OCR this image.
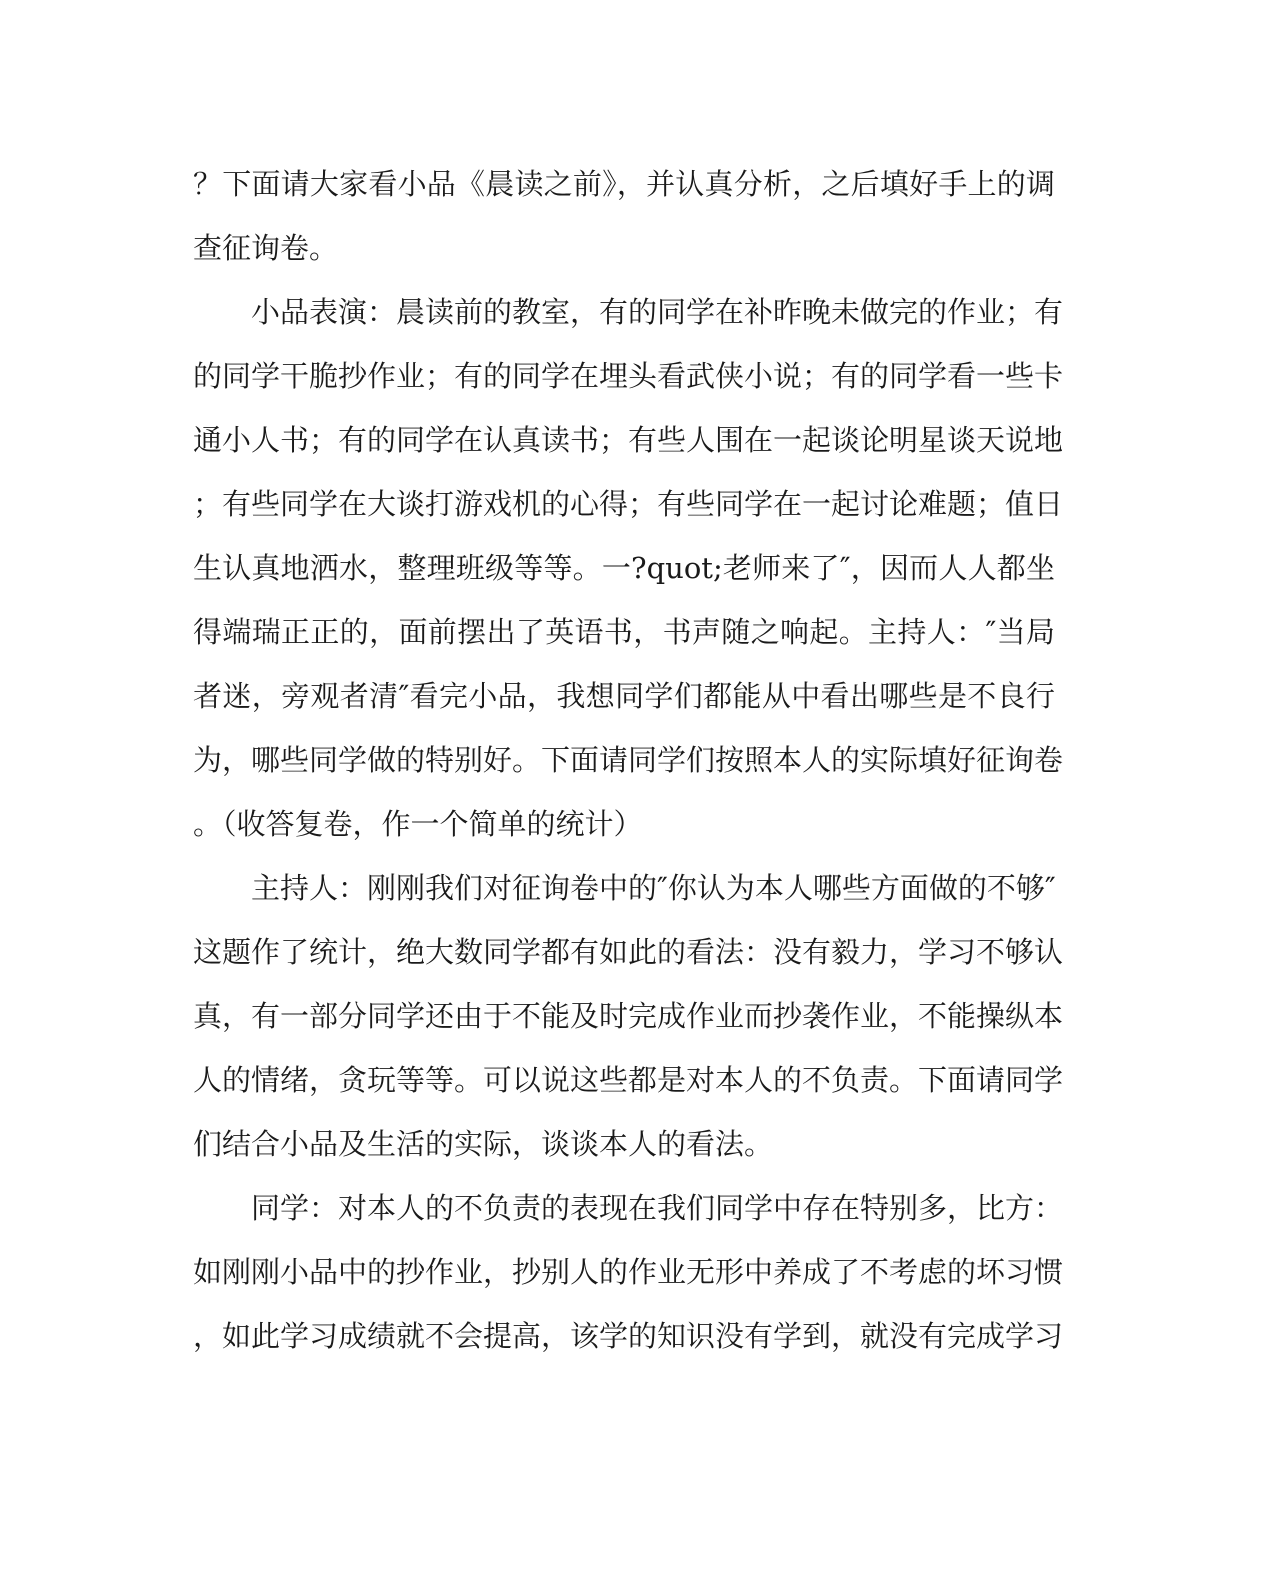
？下面请大家看小品《晨读之前》，并认真分析，之后填好手上的调
查征询卷。
小品表演：晨读前的教室，有的同学在补昨晚未做完的作业；有
的同学干脆抄作业；有的同学在埋头看武侠小说；有的同学看一些卡
通小人书；有的同学在认真读书；有些人围在一起谈论明星谈天说地
；有些同学在大谈打游戏机的心得；有些同学在一起讨论难题；值日
生认真地洒水，整理班级等等。一?quot;老师来了″，因而人人都坐
得端瑞正正的，面前摆出了英语书，书声随之响起。主持人：″当局
者迷，旁观者清″看完小品，我想同学们都能从中看出哪些是不良行
为，哪些同学做的特别好。下面请同学们按照本人的实际填好征询卷
。（收答复卷，作一个简单的统计）
主持人：刚刚我们对征询卷中的″你认为本人哪些方面做的不够″
这题作了统计，绝大数同学都有如此的看法：没有毅力，学习不够认
真，有一部分同学还由于不能及时完成作业而抄袭作业，不能操纵本
人的情绪，贪玩等等。可以说这些都是对本人的不负责。下面请同学
们结合小品及生活的实际，谈谈本人的看法。
同学：对本人的不负责的表现在我们同学中存在特别多，比方：
如刚刚小品中的抄作业，抄别人的作业无形中养成了不考虑的坏习惯
，如此学习成绩就不会提高，该学的知识没有学到，就没有完成学习
